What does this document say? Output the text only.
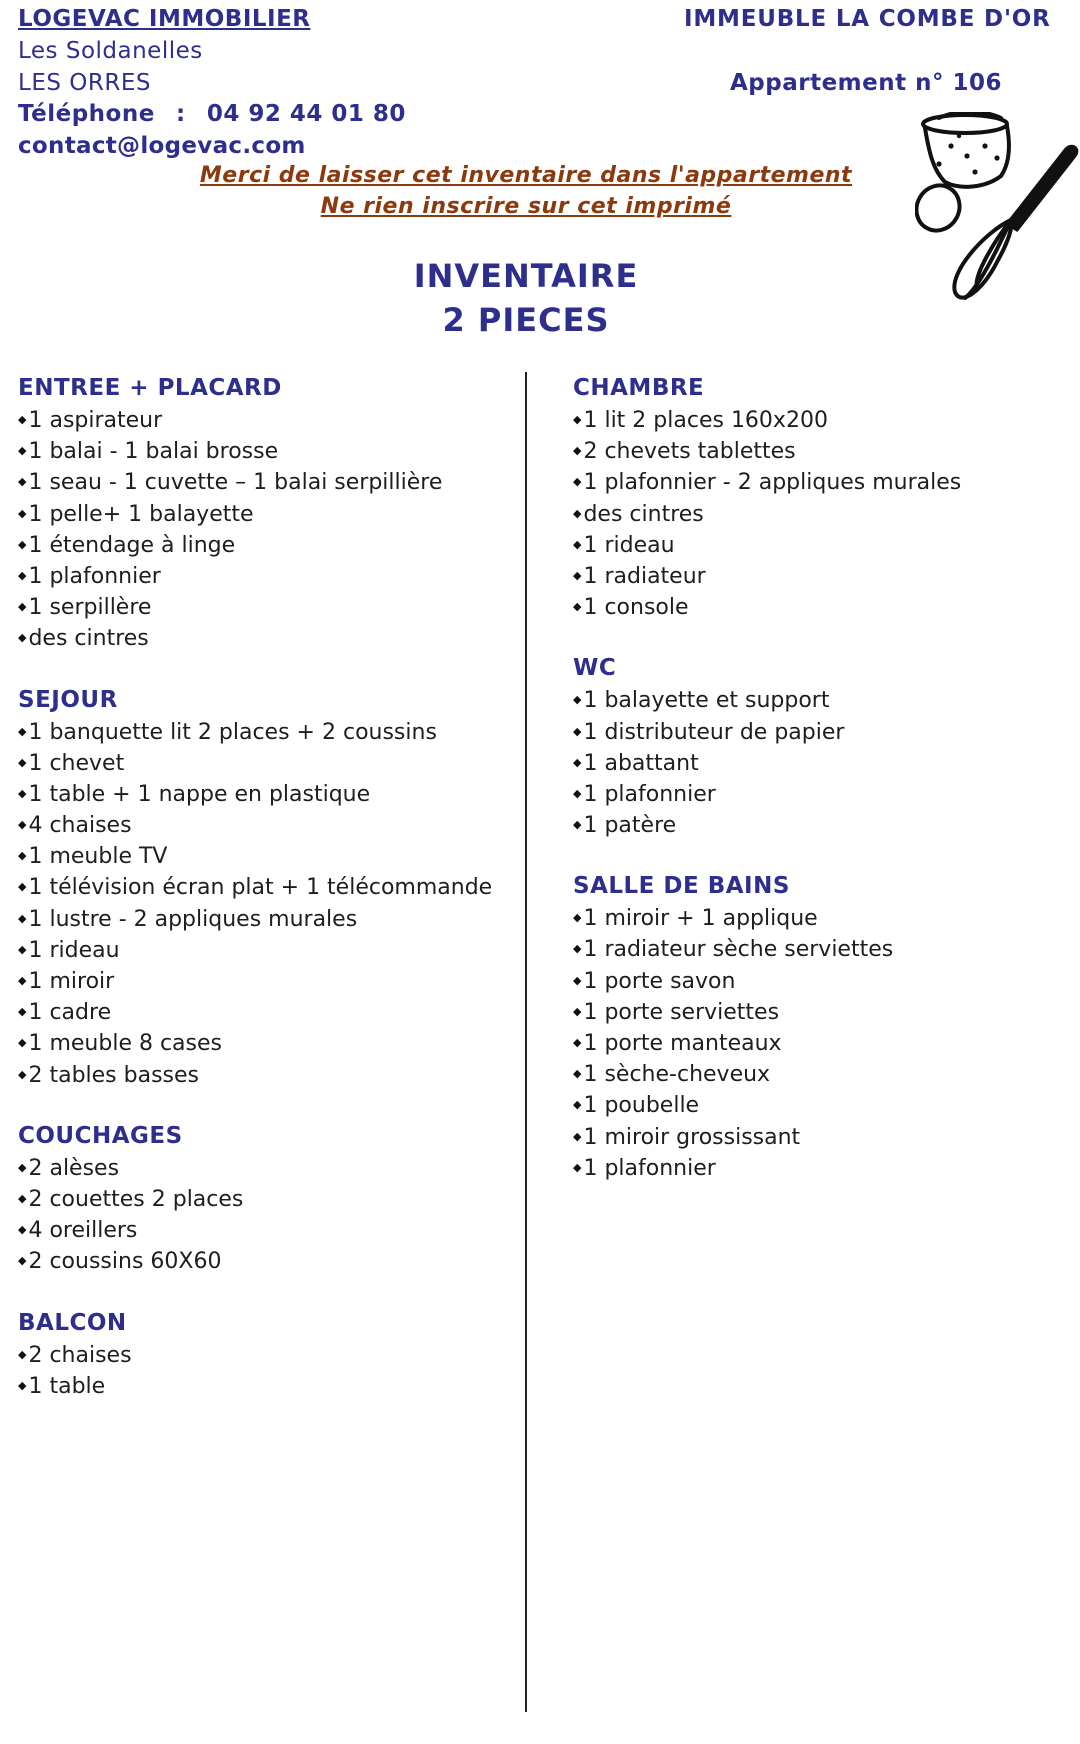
LOGEVAC IMMOBILIER
Les Soldanelles
LES ORRES
Téléphone : 04 92 44 01 80
contact@logevac.com
IMMEUBLE LA COMBE D'OR
Appartement n° 106
Merci de laisser cet inventaire dans l'appartement
Ne rien inscrire sur cet imprimé
INVENTAIRE
2 PIECES
ENTREE + PLACARD
◆1 aspirateur
◆1 balai - 1 balai brosse
◆1 seau - 1 cuvette – 1 balai serpillière
◆1 pelle+ 1 balayette
◆1 étendage à linge
◆1 plafonnier
◆1 serpillère
◆des cintres
SEJOUR
◆1 banquette lit 2 places + 2 coussins
◆1 chevet
◆1 table + 1 nappe en plastique
◆4 chaises
◆1 meuble TV
◆1 télévision écran plat + 1 télécommande
◆1 lustre - 2 appliques murales
◆1 rideau
◆1 miroir
◆1 cadre
◆1 meuble 8 cases
◆2 tables basses
COUCHAGES
◆2 alèses
◆2 couettes 2 places
◆4 oreillers
◆2 coussins 60X60
BALCON
◆2 chaises
◆1 table
CHAMBRE
◆1 lit 2 places 160x200
◆2 chevets tablettes
◆1 plafonnier - 2 appliques murales
◆des cintres
◆1 rideau
◆1 radiateur
◆1 console
WC
◆1 balayette et support
◆1 distributeur de papier
◆1 abattant
◆1 plafonnier
◆1 patère
SALLE DE BAINS
◆1 miroir + 1 applique
◆1 radiateur sèche serviettes
◆1 porte savon
◆1 porte serviettes
◆1 porte manteaux
◆1 sèche-cheveux
◆1 poubelle
◆1 miroir grossissant
◆1 plafonnier
